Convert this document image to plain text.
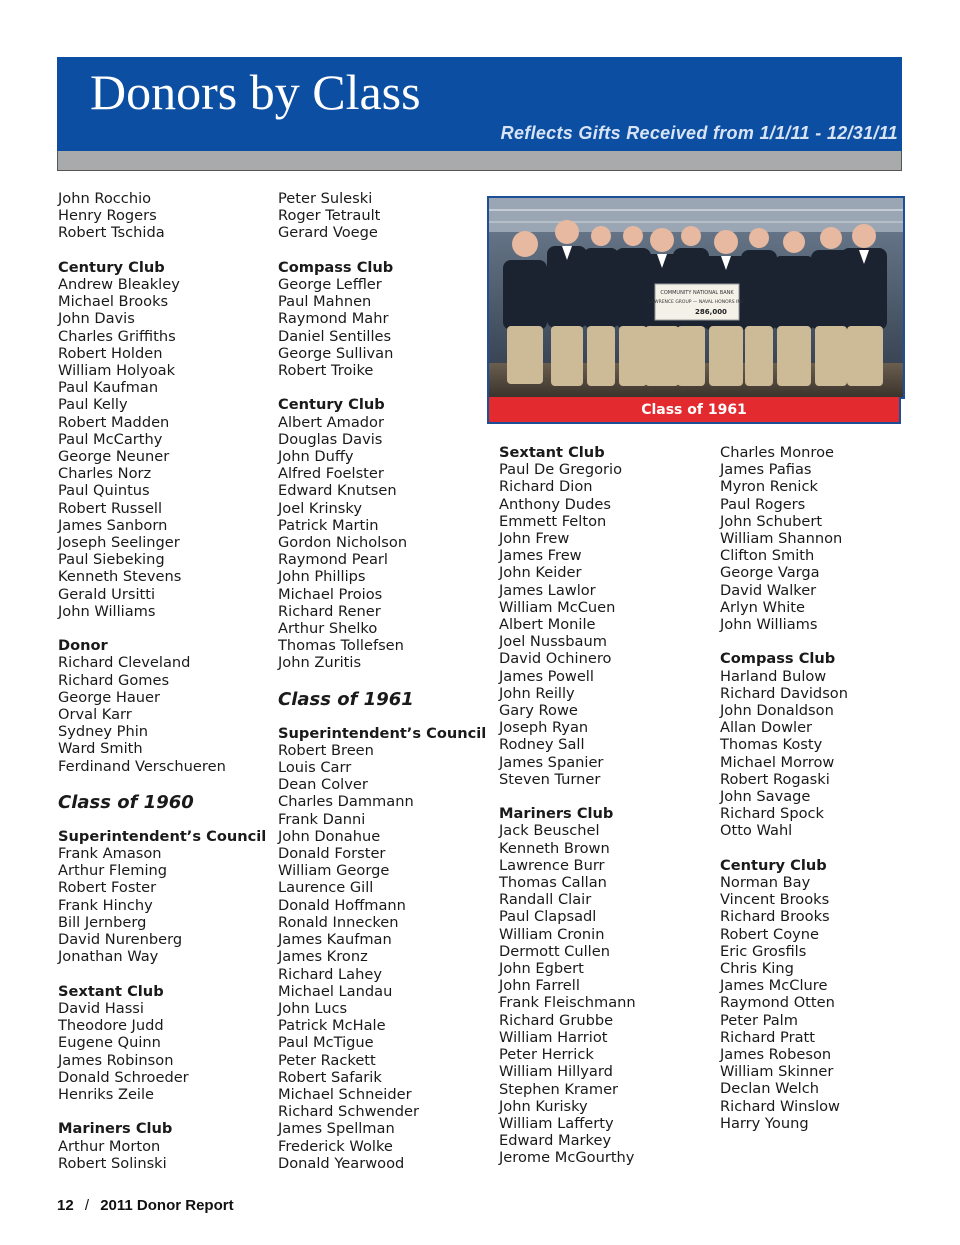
Donors by Class
Reflects Gifts Received from 1/1/11 - 12/31/11
John Rocchio
Henry Rogers
Robert Tschida
Century Club
Andrew Bleakley
Michael Brooks
John Davis
Charles Griffiths
Robert Holden
William Holyoak
Paul Kaufman
Paul Kelly
Robert Madden
Paul McCarthy
George Neuner
Charles Norz
Paul Quintus
Robert Russell
James Sanborn
Joseph Seelinger
Paul Siebeking
Kenneth Stevens
Gerald Ursitti
John Williams
Donor
Richard Cleveland
Richard Gomes
George Hauer
Orval Karr
Sydney Phin
Ward Smith
Ferdinand Verschueren
Class of 1960
Superintendent’s Council
Frank Amason
Arthur Fleming
Robert Foster
Frank Hinchy
Bill Jernberg
David Nurenberg
Jonathan Way
Sextant Club
David Hassi
Theodore Judd
Eugene Quinn
James Robinson
Donald Schroeder
Henriks Zeile
Mariners Club
Arthur Morton
Robert Solinski
Peter Suleski
Roger Tetrault
Gerard Voege
Compass Club
George Leffler
Paul Mahnen
Raymond Mahr
Daniel Sentilles
George Sullivan
Robert Troike
Century Club
Albert Amador
Douglas Davis
John Duffy
Alfred Foelster
Edward Knutsen
Joel Krinsky
Patrick Martin
Gordon Nicholson
Raymond Pearl
John Phillips
Michael Proios
Richard Rener
Arthur Shelko
Thomas Tollefsen
John Zuritis
Class of 1961
Superintendent’s Council
Robert Breen
Louis Carr
Dean Colver
Charles Dammann
Frank Danni
John Donahue
Donald Forster
William George
Laurence Gill
Donald Hoffmann
Ronald Innecken
James Kaufman
James Kronz
Richard Lahey
Michael Landau
John Lucs
Patrick McHale
Paul McTigue
Peter Rackett
Robert Safarik
Michael Schneider
Richard Schwender
James Spellman
Frederick Wolke
Donald Yearwood
Sextant Club
Paul De Gregorio
Richard Dion
Anthony Dudes
Emmett Felton
John Frew
James Frew
John Keider
James Lawlor
William McCuen
Albert Monile
Joel Nussbaum
David Ochinero
James Powell
John Reilly
Gary Rowe
Joseph Ryan
Rodney Sall
James Spanier
Steven Turner
Mariners Club
Jack Beuschel
Kenneth Brown
Lawrence Burr
Thomas Callan
Randall Clair
Paul Clapsadl
William Cronin
Dermott Cullen
John Egbert
John Farrell
Frank Fleischmann
Richard Grubbe
William Harriot
Peter Herrick
William Hillyard
Stephen Kramer
John Kurisky
William Lafferty
Edward Markey
Jerome McGourthy
Charles Monroe
James Pafias
Myron Renick
Paul Rogers
John Schubert
William Shannon
Clifton Smith
George Varga
David Walker
Arlyn White
John Williams
Compass Club
Harland Bulow
Richard Davidson
John Donaldson
Allan Dowler
Thomas Kosty
Michael Morrow
Robert Rogaski
John Savage
Richard Spock
Otto Wahl
Century Club
Norman Bay
Vincent Brooks
Richard Brooks
Robert Coyne
Eric Grosfils
Chris King
James McClure
Raymond Otten
Peter Palm
Richard Pratt
James Robeson
William Skinner
Declan Welch
Richard Winslow
Harry Young
COMMUNITY NATIONAL BANK
LAWRENCE GROUP — NAVAL HONORS INC.
286,000
Class of 1961
12 / 2011 Donor Report
